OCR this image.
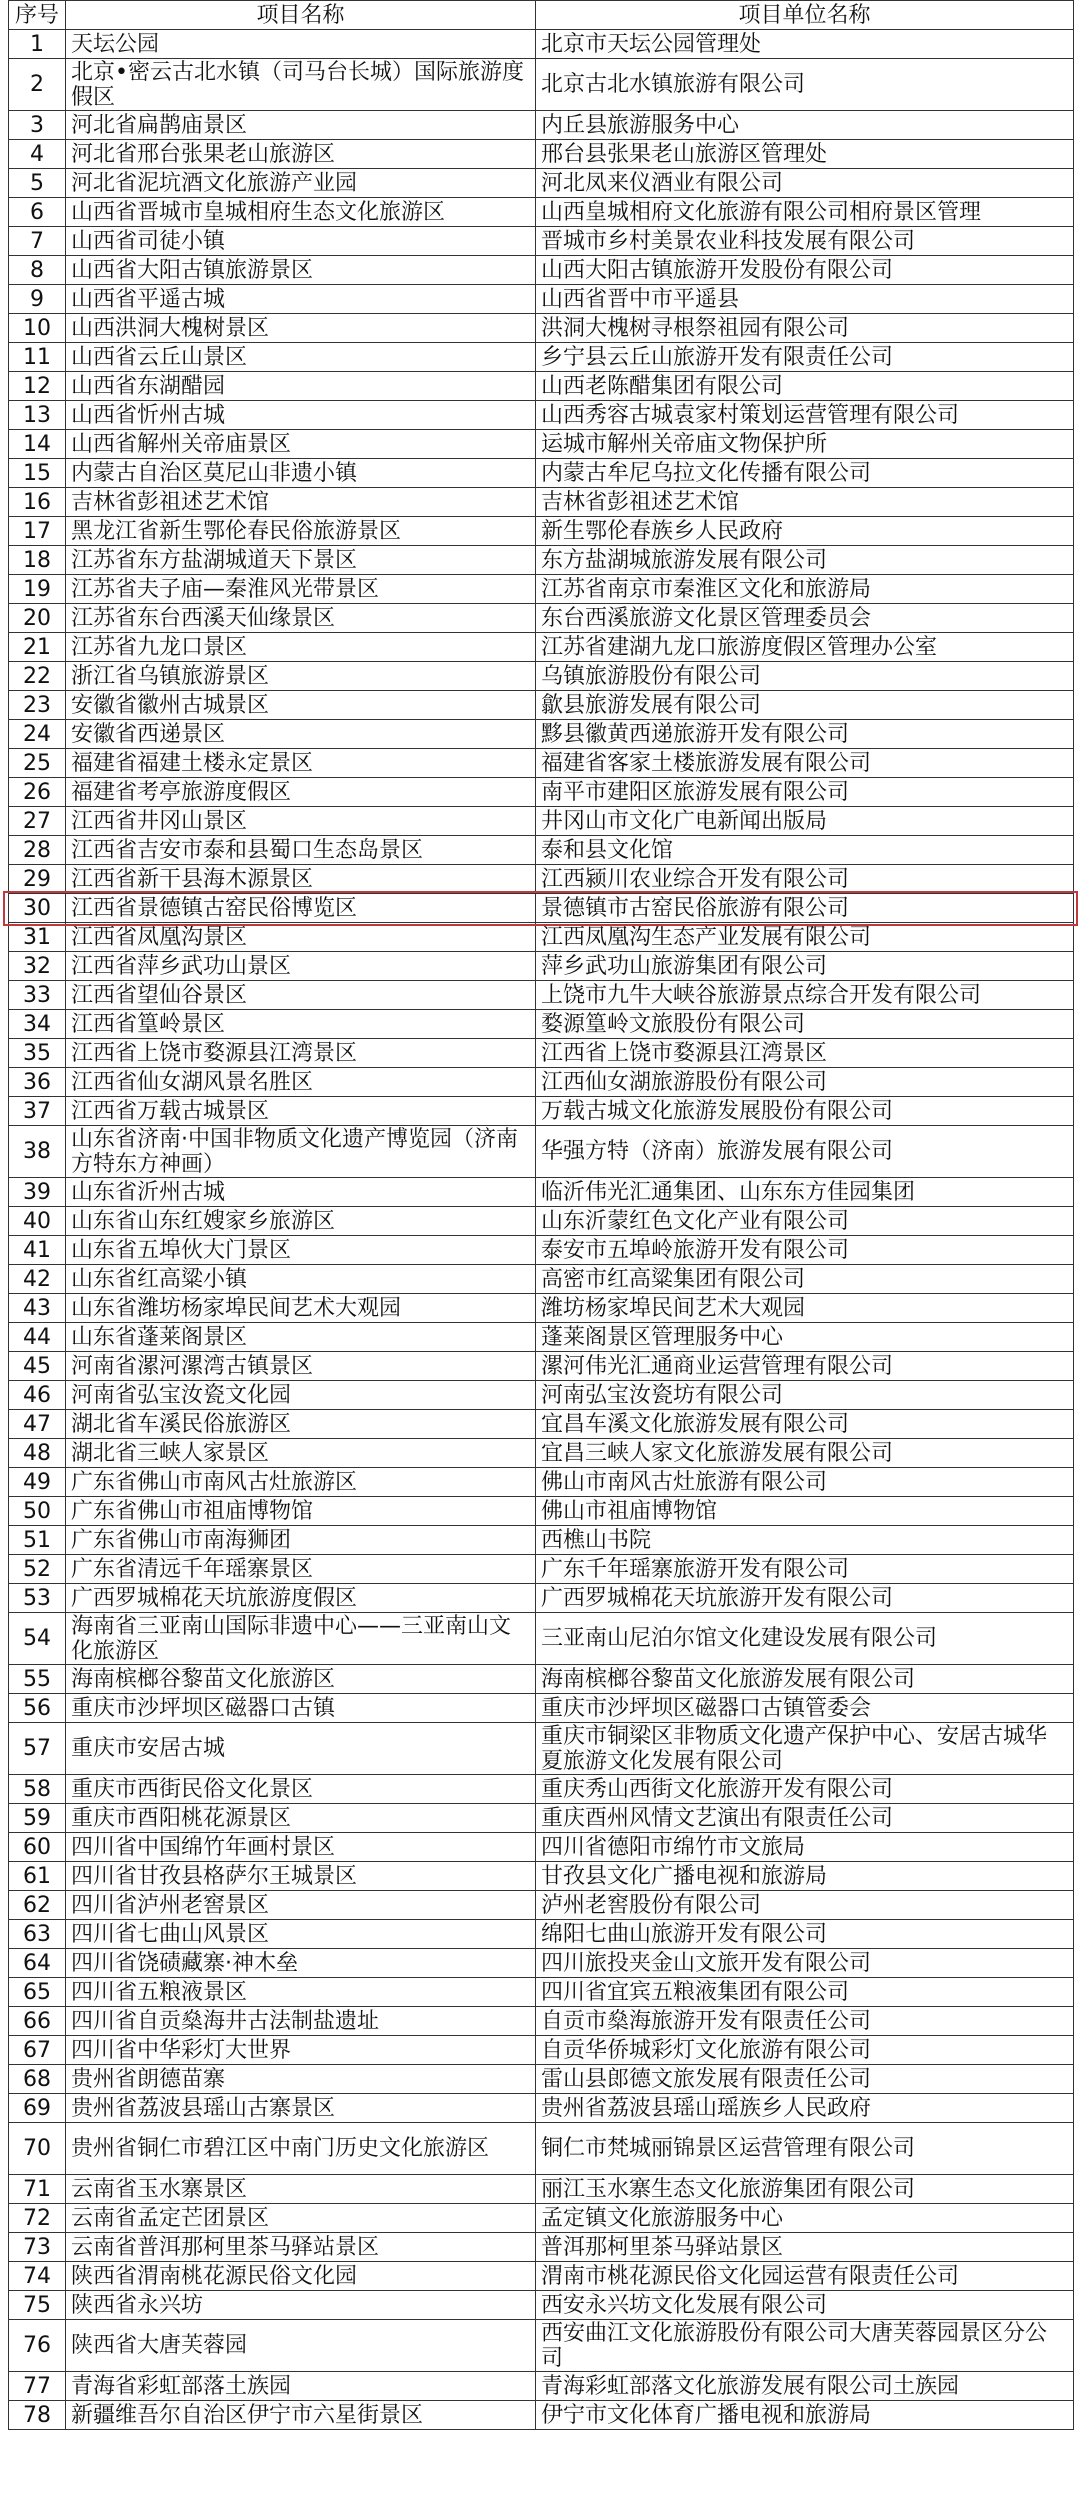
序号	项目名称	项目单位名称
1	天坛公园	北京市天坛公园管理处
2	北京•密云古北水镇（司马台长城）国际旅游度假区	北京古北水镇旅游有限公司
3	河北省扁鹊庙景区	内丘县旅游服务中心
4	河北省邢台张果老山旅游区	邢台县张果老山旅游区管理处
5	河北省泥坑酒文化旅游产业园	河北凤来仪酒业有限公司
6	山西省晋城市皇城相府生态文化旅游区	山西皇城相府文化旅游有限公司相府景区管理
7	山西省司徒小镇	晋城市乡村美景农业科技发展有限公司
8	山西省大阳古镇旅游景区	山西大阳古镇旅游开发股份有限公司
9	山西省平遥古城	山西省晋中市平遥县
10	山西洪洞大槐树景区	洪洞大槐树寻根祭祖园有限公司
11	山西省云丘山景区	乡宁县云丘山旅游开发有限责任公司
12	山西省东湖醋园	山西老陈醋集团有限公司
13	山西省忻州古城	山西秀容古城袁家村策划运营管理有限公司
14	山西省解州关帝庙景区	运城市解州关帝庙文物保护所
15	内蒙古自治区莫尼山非遗小镇	内蒙古牟尼乌拉文化传播有限公司
16	吉林省彭祖述艺术馆	吉林省彭祖述艺术馆
17	黑龙江省新生鄂伦春民俗旅游景区	新生鄂伦春族乡人民政府
18	江苏省东方盐湖城道天下景区	东方盐湖城旅游发展有限公司
19	江苏省夫子庙—秦淮风光带景区	江苏省南京市秦淮区文化和旅游局
20	江苏省东台西溪天仙缘景区	东台西溪旅游文化景区管理委员会
21	江苏省九龙口景区	江苏省建湖九龙口旅游度假区管理办公室
22	浙江省乌镇旅游景区	乌镇旅游股份有限公司
23	安徽省徽州古城景区	歙县旅游发展有限公司
24	安徽省西递景区	黟县徽黄西递旅游开发有限公司
25	福建省福建土楼永定景区	福建省客家土楼旅游发展有限公司
26	福建省考亭旅游度假区	南平市建阳区旅游发展有限公司
27	江西省井冈山景区	井冈山市文化广电新闻出版局
28	江西省吉安市泰和县蜀口生态岛景区	泰和县文化馆
29	江西省新干县海木源景区	江西颍川农业综合开发有限公司
30	江西省景德镇古窑民俗博览区	景德镇市古窑民俗旅游有限公司
31	江西省凤凰沟景区	江西凤凰沟生态产业发展有限公司
32	江西省萍乡武功山景区	萍乡武功山旅游集团有限公司
33	江西省望仙谷景区	上饶市九牛大峡谷旅游景点综合开发有限公司
34	江西省篁岭景区	婺源篁岭文旅股份有限公司
35	江西省上饶市婺源县江湾景区	江西省上饶市婺源县江湾景区
36	江西省仙女湖风景名胜区	江西仙女湖旅游股份有限公司
37	江西省万载古城景区	万载古城文化旅游发展股份有限公司
38	山东省济南·中国非物质文化遗产博览园（济南方特东方神画）	华强方特（济南）旅游发展有限公司
39	山东省沂州古城	临沂伟光汇通集团、山东东方佳园集团
40	山东省山东红嫂家乡旅游区	山东沂蒙红色文化产业有限公司
41	山东省五埠伙大门景区	泰安市五埠岭旅游开发有限公司
42	山东省红高粱小镇	高密市红高粱集团有限公司
43	山东省潍坊杨家埠民间艺术大观园	潍坊杨家埠民间艺术大观园
44	山东省蓬莱阁景区	蓬莱阁景区管理服务中心
45	河南省漯河漯湾古镇景区	漯河伟光汇通商业运营管理有限公司
46	河南省弘宝汝瓷文化园	河南弘宝汝瓷坊有限公司
47	湖北省车溪民俗旅游区	宜昌车溪文化旅游发展有限公司
48	湖北省三峡人家景区	宜昌三峡人家文化旅游发展有限公司
49	广东省佛山市南风古灶旅游区	佛山市南风古灶旅游有限公司
50	广东省佛山市祖庙博物馆	佛山市祖庙博物馆
51	广东省佛山市南海狮团	西樵山书院
52	广东省清远千年瑶寨景区	广东千年瑶寨旅游开发有限公司
53	广西罗城棉花天坑旅游度假区	广西罗城棉花天坑旅游开发有限公司
54	海南省三亚南山国际非遗中心——三亚南山文化旅游区	三亚南山尼泊尔馆文化建设发展有限公司
55	海南槟榔谷黎苗文化旅游区	海南槟榔谷黎苗文化旅游发展有限公司
56	重庆市沙坪坝区磁器口古镇	重庆市沙坪坝区磁器口古镇管委会
57	重庆市安居古城	重庆市铜梁区非物质文化遗产保护中心、安居古城华夏旅游文化发展有限公司
58	重庆市西街民俗文化景区	重庆秀山西街文化旅游开发有限公司
59	重庆市酉阳桃花源景区	重庆酉州风情文艺演出有限责任公司
60	四川省中国绵竹年画村景区	四川省德阳市绵竹市文旅局
61	四川省甘孜县格萨尔王城景区	甘孜县文化广播电视和旅游局
62	四川省泸州老窖景区	泸州老窖股份有限公司
63	四川省七曲山风景区	绵阳七曲山旅游开发有限公司
64	四川省饶碛藏寨·神木垒	四川旅投夹金山文旅开发有限公司
65	四川省五粮液景区	四川省宜宾五粮液集团有限公司
66	四川省自贡燊海井古法制盐遗址	自贡市燊海旅游开发有限责任公司
67	四川省中华彩灯大世界	自贡华侨城彩灯文化旅游有限公司
68	贵州省朗德苗寨	雷山县郎德文旅发展有限责任公司
69	贵州省荔波县瑶山古寨景区	贵州省荔波县瑶山瑶族乡人民政府
70	贵州省铜仁市碧江区中南门历史文化旅游区	铜仁市梵城丽锦景区运营管理有限公司
71	云南省玉水寨景区	丽江玉水寨生态文化旅游集团有限公司
72	云南省孟定芒团景区	孟定镇文化旅游服务中心
73	云南省普洱那柯里茶马驿站景区	普洱那柯里茶马驿站景区
74	陕西省渭南桃花源民俗文化园	渭南市桃花源民俗文化园运营有限责任公司
75	陕西省永兴坊	西安永兴坊文化发展有限公司
76	陕西省大唐芙蓉园	西安曲江文化旅游股份有限公司大唐芙蓉园景区分公司
77	青海省彩虹部落土族园	青海彩虹部落文化旅游发展有限公司土族园
78	新疆维吾尔自治区伊宁市六星街景区	伊宁市文化体育广播电视和旅游局
